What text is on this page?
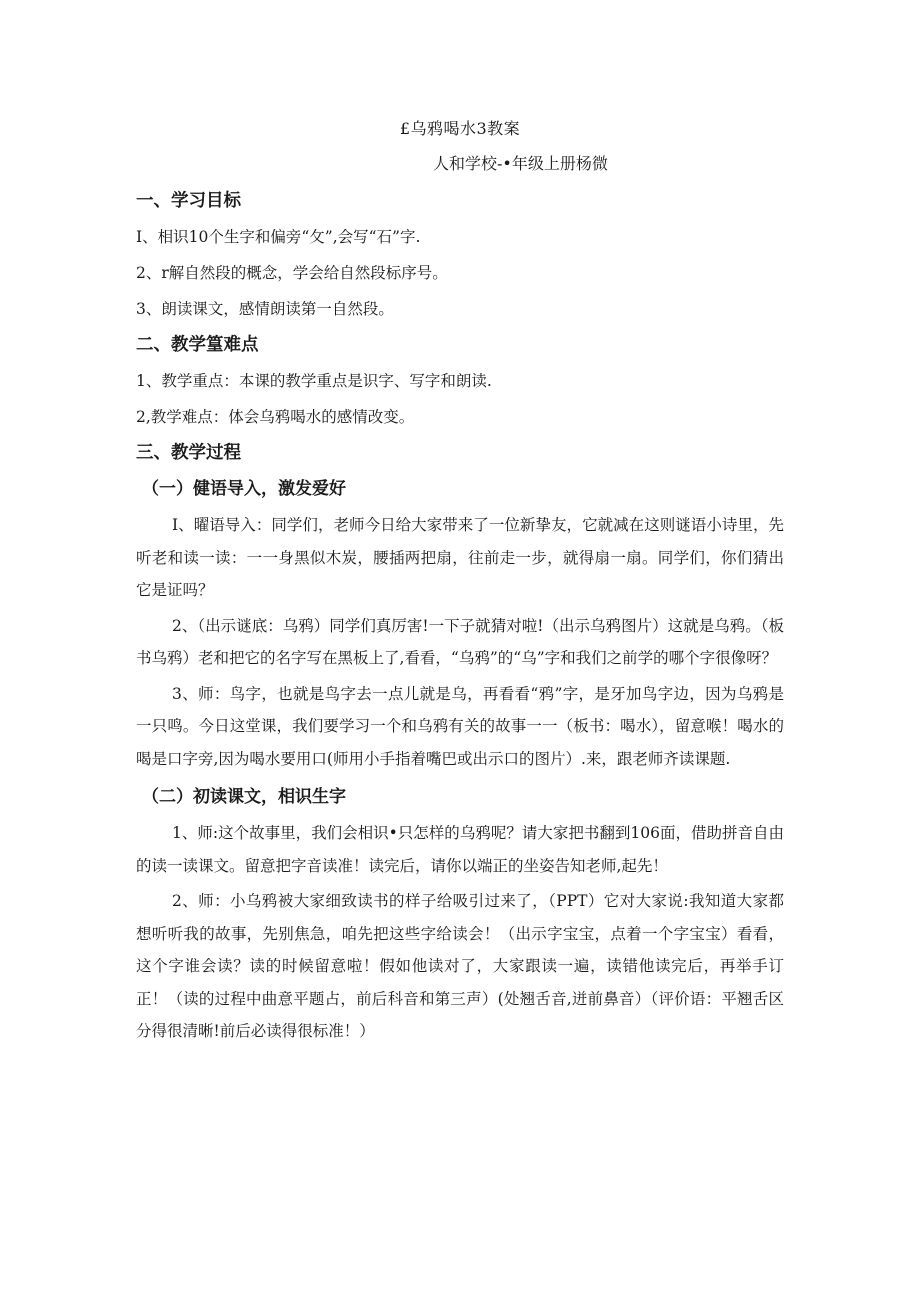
£乌鸦喝水3教案
人和学校-•年级上册杨微

一、学习目标

I、相识10个生字和偏旁“攵”,会写“石”字.

2、r解自然段的概念，学会给自然段标序号。

3、朗读课文，感情朗读第一自然段。

二、教学篁难点

1、教学重点：本课的教学重点是识字、写字和朗读.

2,教学难点：体会乌鸦喝水的感情改变。

三、教学过程

（一）健语导入，激发爱好

I、曜语导入：同学们，老师今日给大家带来了一位新挚友，它就减在这则谜语小诗里，先听老和读一读：一一身黑似木炭，腰插两把扇，往前走一步，就得扇一扇。同学们，你们猜出它是证吗？

2、（出示谜底：乌鸦）同学们真厉害!一下子就猜对啦!（出示乌鸦图片）这就是乌鸦。（板书乌鸦）老和把它的名字写在黑板上了,看看，“乌鸦”的“乌”字和我们之前学的哪个字很像呀？

3、师：鸟字，也就是鸟字去一点儿就是乌，再看看“鸦”字，是牙加鸟字边，因为乌鸦是一只鸣。今日这堂课，我们要学习一个和乌鸦有关的故事一一（板书：喝水），留意喉！喝水的喝是口字旁,因为喝水要用口(师用小手指着嘴巴或出示口的图片）.来，跟老师齐读课题.

（二）初读课文，相识生字

1、师:这个故事里，我们会相识•只怎样的乌鸦呢？请大家把书翻到106面，借助拼音自由的读一读课文。留意把字音读准！读完后，请你以端正的坐姿告知老师,起先！

2、师：小乌鸦被大家细致读书的样子给吸引过来了，（PPT）它对大家说:我知道大家都想听听我的故事，先别焦急，咱先把这些字给读会！（出示字宝宝，点着一个字宝宝）看看，这个字谁会读？读的时候留意啦！假如他读对了，大家跟读一遍，读错他读完后，再举手订正！（读的过程中曲意平题占，前后科音和第三声）(处翘舌音,迸前鼻音）（评价语：平翘舌区分得很清晰!前后必读得很标准！）
